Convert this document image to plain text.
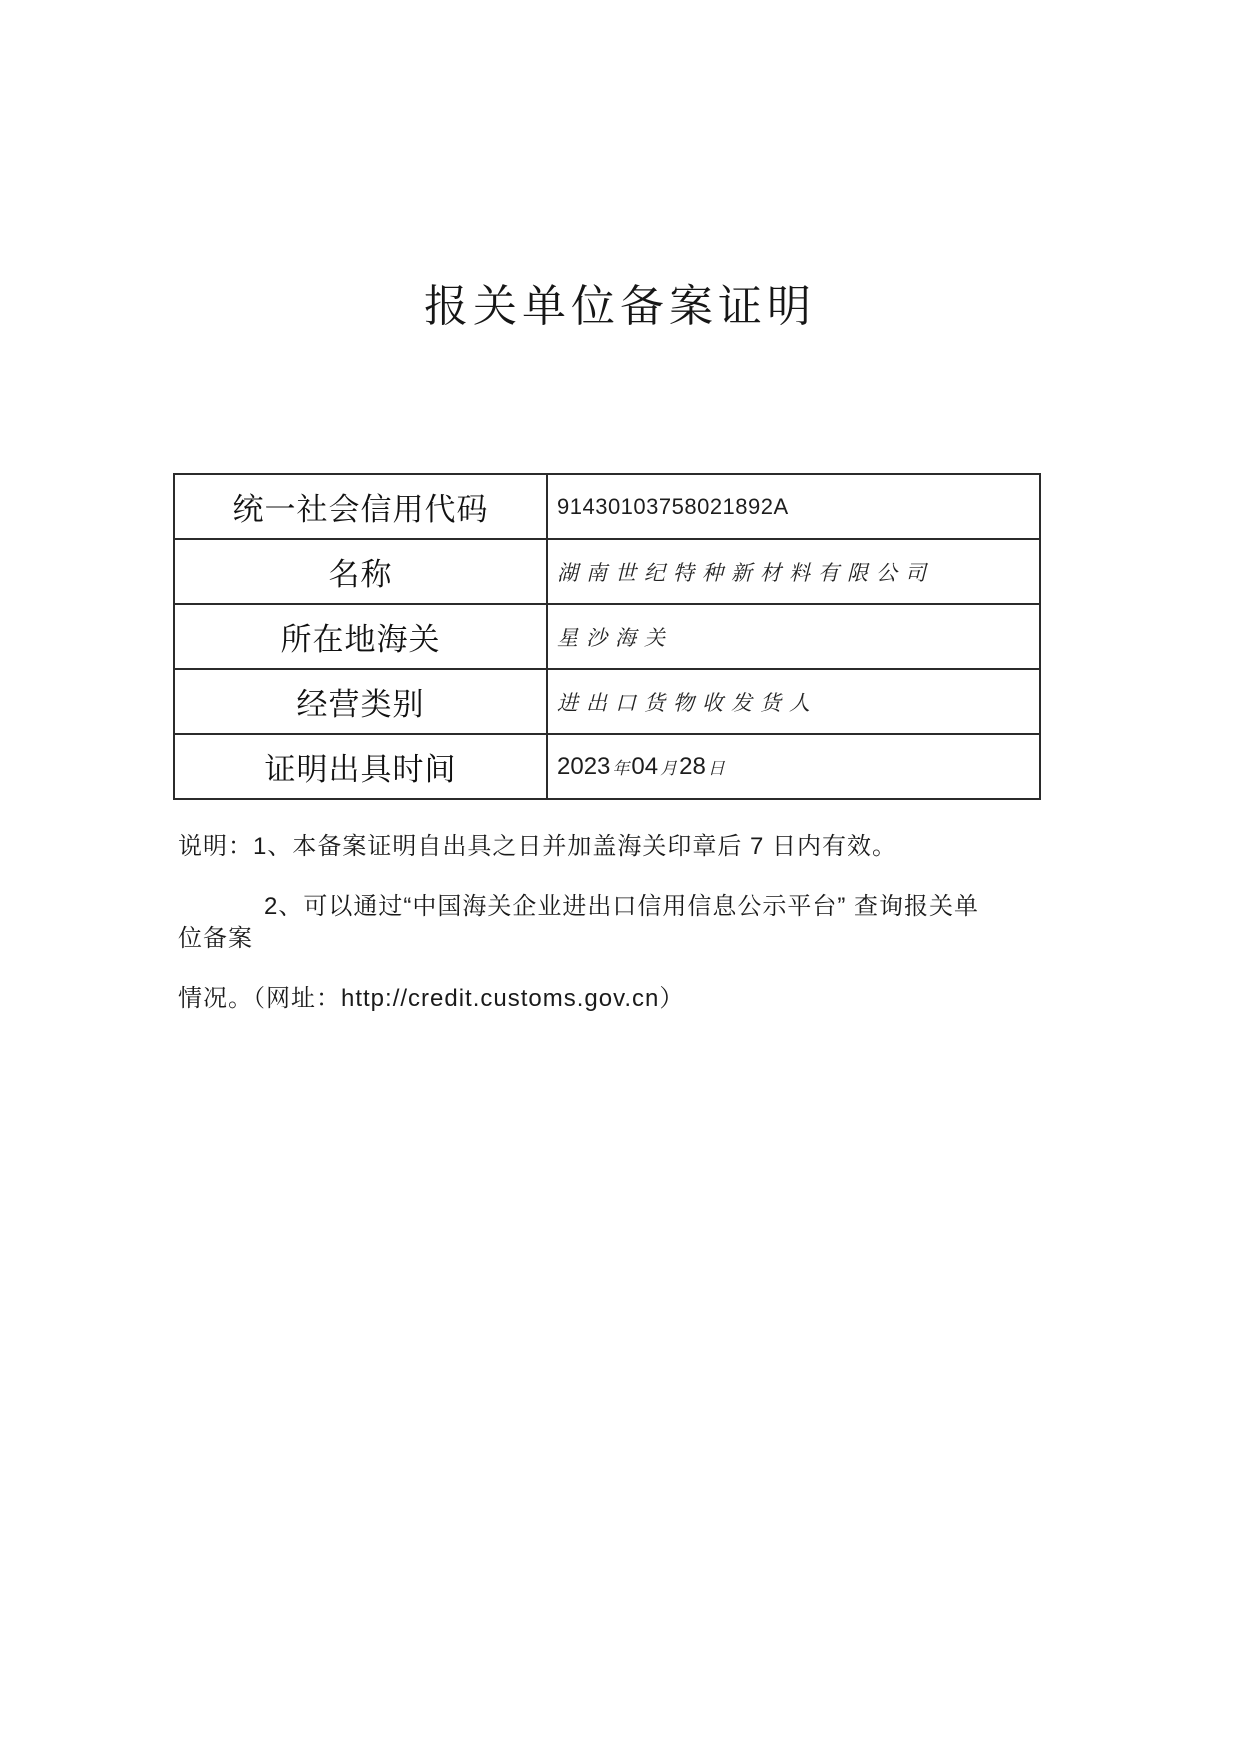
报关单位备案证明
统一社会信用代码	91430103758021892A
名称	湖南世纪特种新材料有限公司
所在地海关	星沙海关
经营类别	进出口货物收发货人
证明出具时间	2023 年04 月28 日

说明：1、本备案证明自出具之日并加盖海关印章后 7 日内有效。

2、可以通过“中国海关企业进出口信用信息公示平台” 查询报关单位备案

情况。（网址：http://credit.customs.gov.cn）
